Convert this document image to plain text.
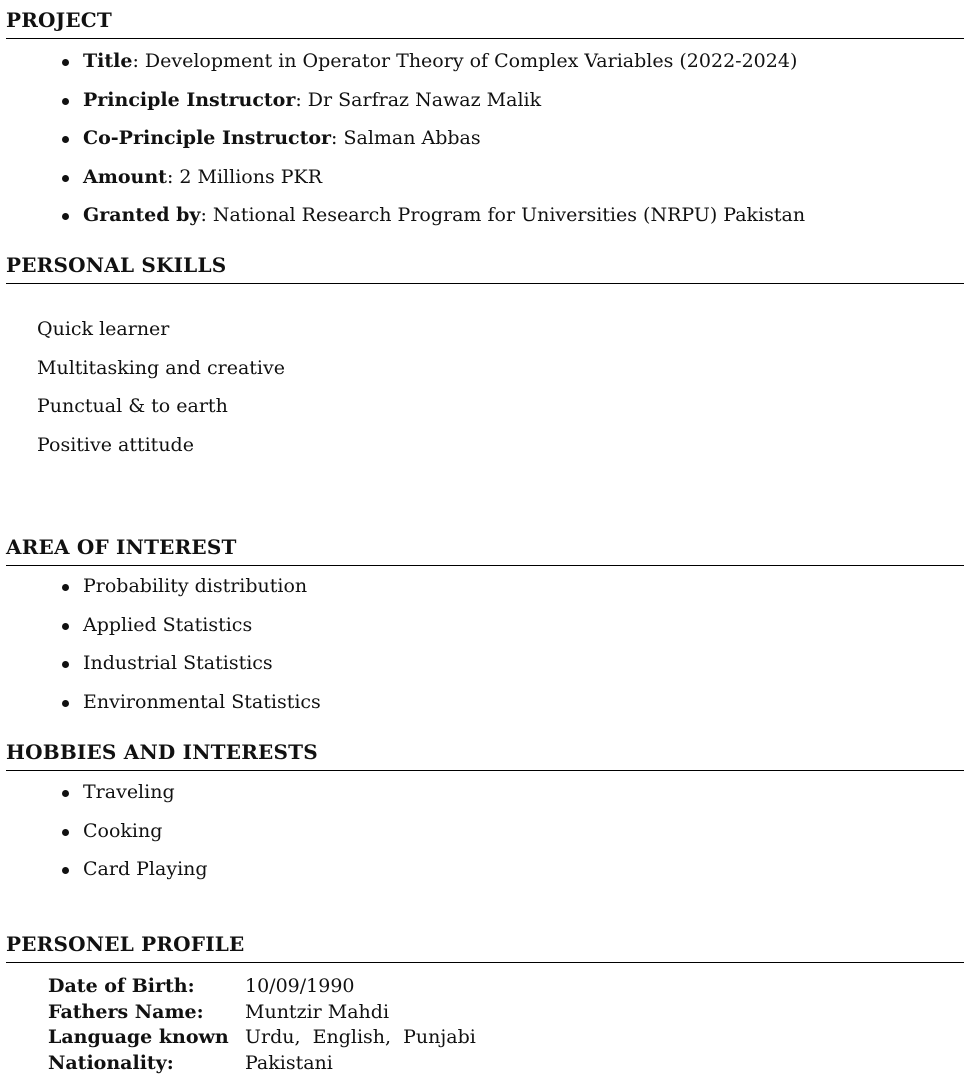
PROJECT
Title: Development in Operator Theory of Complex Variables (2022-2024)
Principle Instructor: Dr Sarfraz Nawaz Malik
Co-Principle Instructor: Salman Abbas
Amount: 2 Millions PKR
Granted by: National Research Program for Universities (NRPU) Pakistan
PERSONAL SKILLS
Quick learner
Multitasking and creative
Punctual & to earth
Positive attitude
AREA OF INTEREST
Probability distribution
Applied Statistics
Industrial Statistics
Environmental Statistics
HOBBIES AND INTERESTS
Traveling
Cooking
Card Playing
PERSONEL PROFILE
Date of Birth:	10/09/1990
Fathers Name:	Muntzir Mahdi
Language known	Urdu,  English,  Punjabi
Nationality:	Pakistani
